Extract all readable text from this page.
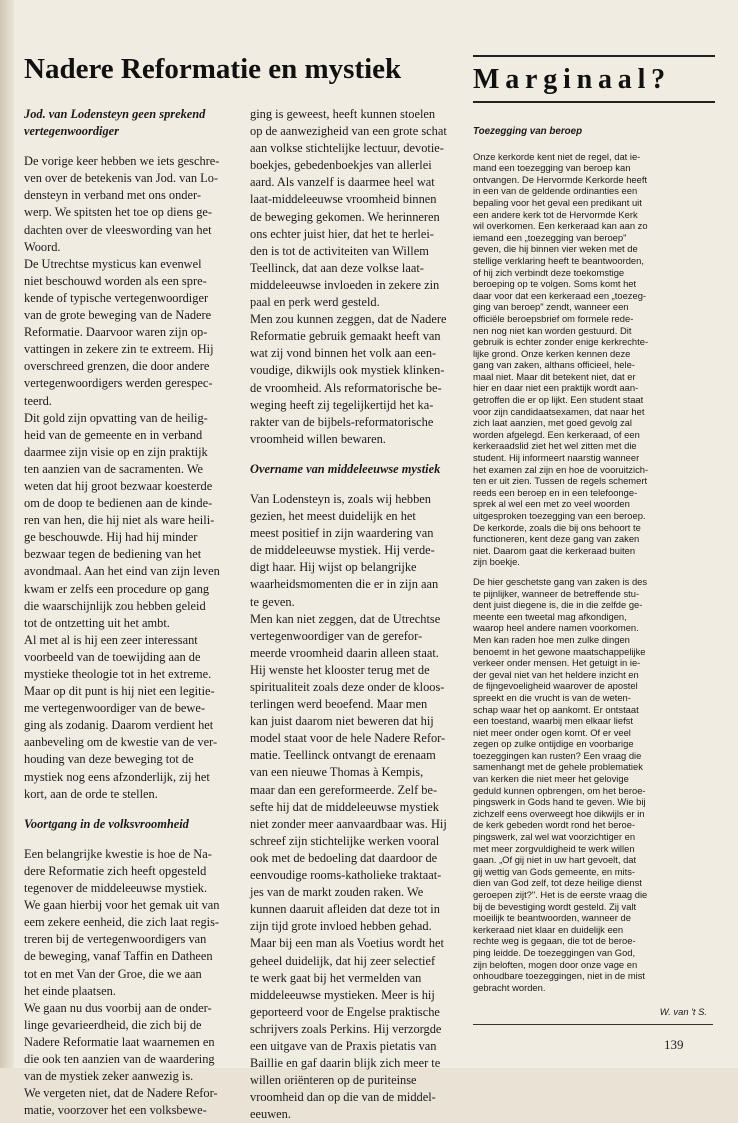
Nadere Reformatie en mystiek

Jod. van Lodensteyn geen sprekend

vertegenwoordiger

De vorige keer hebben we iets geschre-

ven over de betekenis van Jod. van Lo-

densteyn in verband met ons onder-

werp. We spitsten het toe op diens ge-

dachten over de vleeswording van het

Woord.

De Utrechtse mysticus kan evenwel

niet beschouwd worden als een spre-

kende of typische vertegenwoordiger

van de grote beweging van de Nadere

Reformatie. Daarvoor waren zijn op-

vattingen in zekere zin te extreem. Hij

overschreed grenzen, die door andere

vertegenwoordigers werden gerespec-

teerd.

Dit gold zijn opvatting van de heilig-

heid van de gemeente en in verband

daarmee zijn visie op en zijn praktijk

ten aanzien van de sacramenten. We

weten dat hij groot bezwaar koesterde

om de doop te bedienen aan de kinde-

ren van hen, die hij niet als ware heili-

ge beschouwde. Hij had hij minder

bezwaar tegen de bediening van het

avondmaal. Aan het eind van zijn leven

kwam er zelfs een procedure op gang

die waarschijnlijk zou hebben geleid

tot de ontzetting uit het ambt.

Al met al is hij een zeer interessant

voorbeeld van de toewijding aan de

mystieke theologie tot in het extreme.

Maar op dit punt is hij niet een legitie-

me vertegenwoordiger van de bewe-

ging als zodanig. Daarom verdient het

aanbeveling om de kwestie van de ver-

houding van deze beweging tot de

mystiek nog eens afzonderlijk, zij het

kort, aan de orde te stellen.

Voortgang in de volksvroomheid

Een belangrijke kwestie is hoe de Na-

dere Reformatie zich heeft opgesteld

tegenover de middeleeuwse mystiek.

We gaan hierbij voor het gemak uit van

eem zekere eenheid, die zich laat regis-

treren bij de vertegenwoordigers van

de beweging, vanaf Taffin en Datheen

tot en met Van der Groe, die we aan

het einde plaatsen.

We gaan nu dus voorbij aan de onder-

linge gevarieerdheid, die zich bij de

Nadere Reformatie laat waarnemen en

die ook ten aanzien van de waardering

van de mystiek zeker aanwezig is.

We vergeten niet, dat de Nadere Refor-

matie, voorzover het een volksbewe-

ging is geweest, heeft kunnen stoelen

op de aanwezigheid van een grote schat

aan volkse stichtelijke lectuur, devotie-

boekjes, gebedenboekjes van allerlei

aard. Als vanzelf is daarmee heel wat

laat-middeleeuwse vroomheid binnen

de beweging gekomen. We herinneren

ons echter juist hier, dat het te herlei-

den is tot de activiteiten van Willem

Teellinck, dat aan deze volkse laat-

middeleeuwse invloeden in zekere zin

paal en perk werd gesteld.

Men zou kunnen zeggen, dat de Nadere

Reformatie gebruik gemaakt heeft van

wat zij vond binnen het volk aan een-

voudige, dikwijls ook mystiek klinken-

de vroomheid. Als reformatorische be-

weging heeft zij tegelijkertijd het ka-

rakter van de bijbels-reformatorische

vroomheid willen bewaren.

Overname van middeleeuwse mystiek

Van Lodensteyn is, zoals wij hebben

gezien, het meest duidelijk en het

meest positief in zijn waardering van

de middeleeuwse mystiek. Hij verde-

digt haar. Hij wijst op belangrijke

waarheidsmomenten die er in zijn aan

te geven.

Men kan niet zeggen, dat de Utrechtse

vertegenwoordiger van de gerefor-

meerde vroomheid daarin alleen staat.

Hij wenste het klooster terug met de

spiritualiteit zoals deze onder de kloos-

terlingen werd beoefend. Maar men

kan juist daarom niet beweren dat hij

model staat voor de hele Nadere Refor-

matie. Teellinck ontvangt de erenaam

van een nieuwe Thomas à Kempis,

maar dan een gereformeerde. Zelf be-

sefte hij dat de middeleeuwse mystiek

niet zonder meer aanvaardbaar was. Hij

schreef zijn stichtelijke werken vooral

ook met de bedoeling dat daardoor de

eenvoudige rooms-katholieke traktaat-

jes van de markt zouden raken. We

kunnen daaruit afleiden dat deze tot in

zijn tijd grote invloed hebben gehad.

Maar bij een man als Voetius wordt het

geheel duidelijk, dat hij zeer selectief

te werk gaat bij het vermelden van

middeleeuwse mystieken. Meer is hij

geporteerd voor de Engelse praktische

schrijvers zoals Perkins. Hij verzorgde

een uitgave van de Praxis pietatis van

Baillie en gaf daarin blijk zich meer te

willen oriënteren op de puriteinse

vroomheid dan op die van de middel-

eeuwen.

Marginaal?

Toezegging van beroep

Onze kerkorde kent niet de regel, dat ie-

mand een toezegging van beroep kan

ontvangen. De Hervormde Kerkorde heeft

in een van de geldende ordinanties een

bepaling voor het geval een predikant uit

een andere kerk tot de Hervormde Kerk

wil overkomen. Een kerkeraad kan aan zo

iemand een „toezegging van beroep"

geven, die hij binnen vier weken met de

stellige verklaring heeft te beantwoorden,

of hij zich verbindt deze toekomstige

beroeping op te volgen. Soms komt het

daar voor dat een kerkeraad een „toezeg-

ging van beroep" zendt, wanneer een

officiële beroepsbrief om formele rede-

nen nog niet kan worden gestuurd. Dit

gebruik is echter zonder enige kerkrechte-

lijke grond. Onze kerken kennen deze

gang van zaken, althans officieel, hele-

maal niet. Maar dit betekent niet, dat er

hier en daar niet een praktijk wordt aan-

getroffen die er op lijkt. Een student staat

voor zijn candidaatsexamen, dat naar het

zich laat aanzien, met goed gevolg zal

worden afgelegd. Een kerkeraad, of een

kerkeraadslid ziet het wel zitten met die

student. Hij informeert naarstig wanneer

het examen zal zijn en hoe de vooruitzich-

ten er uit zien. Tussen de regels schemert

reeds een beroep en in een telefoonge-

sprek al wel een met zo veel woorden

uitgesproken toezegging van een beroep.

De kerkorde, zoals die bij ons behoort te

functioneren, kent deze gang van zaken

niet. Daarom gaat die kerkeraad buiten

zijn boekje.

De hier geschetste gang van zaken is des

te pijnlijker, wanneer de betreffende stu-

dent juist diegene is, die in die zelfde ge-

meente een tweetal mag afkondigen,

waarop heel andere namen voorkomen.

Men kan raden hoe men zulke dingen

benoemt in het gewone maatschappelijke

verkeer onder mensen. Het getuigt in ie-

der geval niet van het heldere inzicht en

de fijngevoeligheid waarover de apostel

spreekt en die vrucht is van de weten-

schap waar het op aankomt. Er ontstaat

een toestand, waarbij men elkaar liefst

niet meer onder ogen komt. Of er veel

zegen op zulke ontijdige en voorbarige

toezeggingen kan rusten? Een vraag die

samenhangt met de gehele problematiek

van kerken die niet meer het gelovige

geduld kunnen opbrengen, om het beroe-

pingswerk in Gods hand te geven. Wie bij

zichzelf eens overweegt hoe dikwijls er in

de kerk gebeden wordt rond het beroe-

pingswerk, zal wel wat voorzichtiger en

met meer zorgvuldigheid te werk willen

gaan. „Of gij niet in uw hart gevoelt, dat

gij wettig van Gods gemeente, en mits-

dien van God zelf, tot deze heilige dienst

geroepen zijt?". Het is de eerste vraag die

bij de bevestiging wordt gesteld. Zij valt

moeilijk te beantwoorden, wanneer de

kerkeraad niet klaar en duidelijk een

rechte weg is gegaan, die tot de beroe-

ping leidde. De toezeggingen van God,

zijn beloften, mogen door onze vage en

onhoudbare toezeggingen, niet in de mist

gebracht worden.

W. van 't S.

139
